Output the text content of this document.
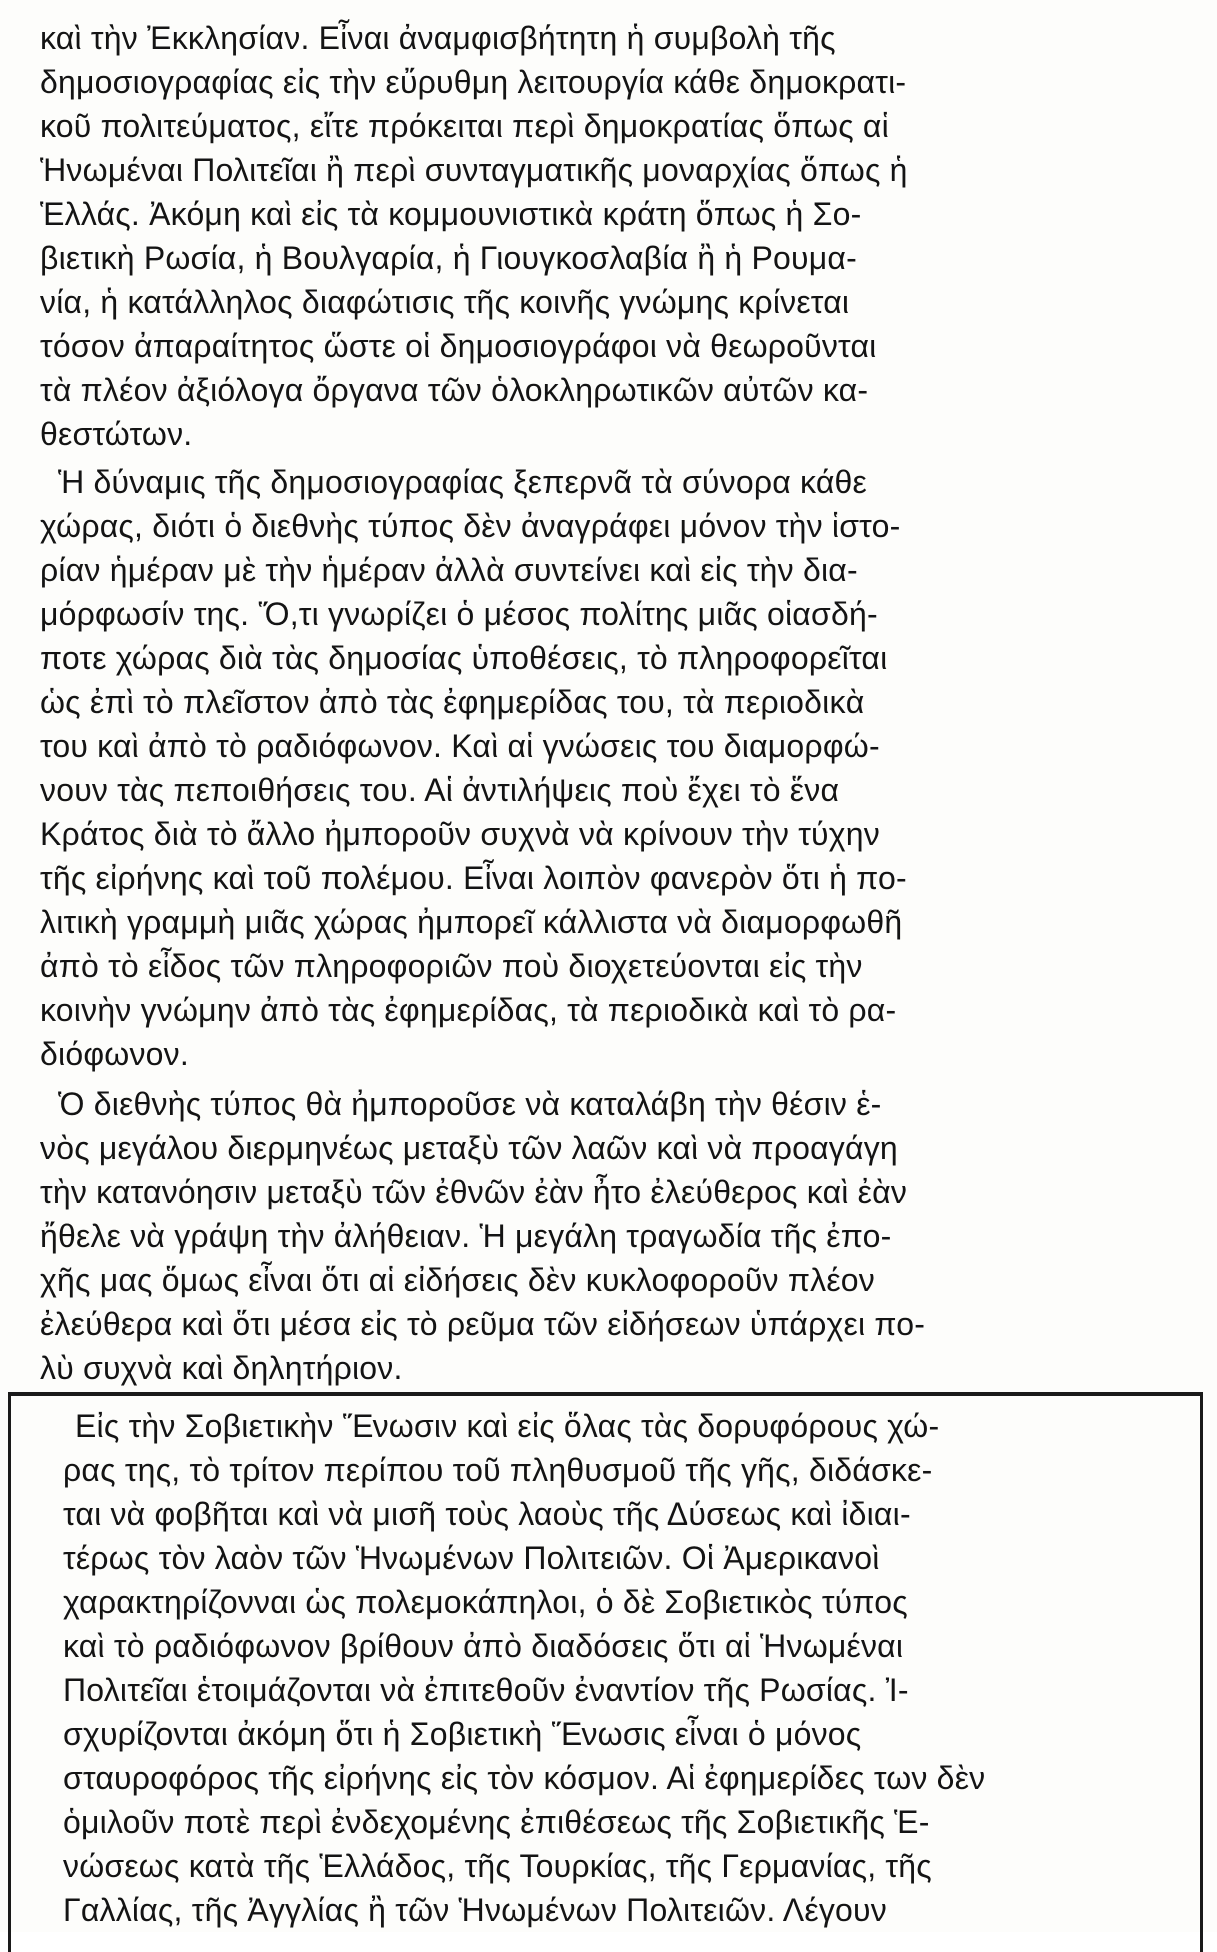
καὶ τὴν Ἐκκλησίαν. Εἶναι ἀναμφισβήτητη ἡ συμβολὴ τῆς
δημοσιογραφίας εἰς τὴν εὔρυθμη λειτουργία κάθε δημοκρατι-
κοῦ πολιτεύματος, εἴτε πρόκειται περὶ δημοκρατίας ὅπως αἱ
Ἡνωμέναι Πολιτεῖαι ἢ περὶ συνταγματικῆς μοναρχίας ὅπως ἡ
Ἑλλάς. Ἀκόμη καὶ εἰς τὰ κομμουνιστικὰ κράτη ὅπως ἡ Σο-
βιετικὴ Ρωσία, ἡ Βουλγαρία, ἡ Γιουγκοσλαβία ἢ ἡ Ρουμα-
νία, ἡ κατάλληλος διαφώτισις τῆς κοινῆς γνώμης κρίνεται
τόσον ἀπαραίτητος ὥστε οἱ δημοσιογράφοι νὰ θεωροῦνται
τὰ πλέον ἀξιόλογα ὄργανα τῶν ὁλοκληρωτικῶν αὐτῶν κα-
θεστώτων.
Ἡ δύναμις τῆς δημοσιογραφίας ξεπερνᾶ τὰ σύνορα κάθε
χώρας, διότι ὁ διεθνὴς τύπος δὲν ἀναγράφει μόνον τὴν ἱστο-
ρίαν ἡμέραν μὲ τὴν ἡμέραν ἀλλὰ συντείνει καὶ εἰς τὴν δια-
μόρφωσίν της. Ὅ,τι γνωρίζει ὁ μέσος πολίτης μιᾶς οἱασδή-
ποτε χώρας διὰ τὰς δημοσίας ὑποθέσεις, τὸ πληροφορεῖται
ὡς ἐπὶ τὸ πλεῖστον ἀπὸ τὰς ἐφημερίδας του, τὰ περιοδικὰ
του καὶ ἀπὸ τὸ ραδιόφωνον. Καὶ αἱ γνώσεις του διαμορφώ-
νουν τὰς πεποιθήσεις του. Αἱ ἀντιλήψεις ποὺ ἔχει τὸ ἕνα
Κράτος διὰ τὸ ἄλλο ἠμποροῦν συχνὰ νὰ κρίνουν τὴν τύχην
τῆς εἰρήνης καὶ τοῦ πολέμου. Εἶναι λοιπὸν φανερὸν ὅτι ἡ πο-
λιτικὴ γραμμὴ μιᾶς χώρας ἠμπορεῖ κάλλιστα νὰ διαμορφωθῆ
ἀπὸ τὸ εἶδος τῶν πληροφοριῶν ποὺ διοχετεύονται εἰς τὴν
κοινὴν γνώμην ἀπὸ τὰς ἐφημερίδας, τὰ περιοδικὰ καὶ τὸ ρα-
διόφωνον.
Ὁ διεθνὴς τύπος θὰ ἠμποροῦσε νὰ καταλάβη τὴν θέσιν ἑ-
νὸς μεγάλου διερμηνέως μεταξὺ τῶν λαῶν καὶ νὰ προαγάγη
τὴν κατανόησιν μεταξὺ τῶν ἐθνῶν ἐὰν ἦτο ἐλεύθερος καὶ ἐὰν
ἤθελε νὰ γράψη τὴν ἀλήθειαν. Ἡ μεγάλη τραγωδία τῆς ἐπο-
χῆς μας ὅμως εἶναι ὅτι αἱ εἰδήσεις δὲν κυκλοφοροῦν πλέον
ἐλεύθερα καὶ ὅτι μέσα εἰς τὸ ρεῦμα τῶν εἰδήσεων ὑπάρχει πο-
λὺ συχνὰ καὶ δηλητήριον.
Εἰς τὴν Σοβιετικὴν Ἕνωσιν καὶ εἰς ὅλας τὰς δορυφόρους χώ-
ρας της, τὸ τρίτον περίπου τοῦ πληθυσμοῦ τῆς γῆς, διδάσκε-
ται νὰ φοβῆται καὶ νὰ μισῆ τοὺς λαοὺς τῆς Δύσεως καὶ ἰδιαι-
τέρως τὸν λαὸν τῶν Ἡνωμένων Πολιτειῶν. Οἱ Ἀμερικανοὶ
χαρακτηρίζονναι ὡς πολεμοκάπηλοι, ὁ δὲ Σοβιετικὸς τύπος
καὶ τὸ ραδιόφωνον βρίθουν ἀπὸ διαδόσεις ὅτι αἱ Ἡνωμέναι
Πολιτεῖαι ἑτοιμάζονται νὰ ἐπιτεθοῦν ἐναντίον τῆς Ρωσίας. Ἰ-
σχυρίζονται ἀκόμη ὅτι ἡ Σοβιετικὴ Ἕνωσις εἶναι ὁ μόνος
σταυροφόρος τῆς εἰρήνης εἰς τὸν κόσμον. Αἱ ἐφημερίδες των δὲν
ὁμιλοῦν ποτὲ περὶ ἐνδεχομένης ἐπιθέσεως τῆς Σοβιετικῆς Ἑ-
νώσεως κατὰ τῆς Ἑλλάδος, τῆς Τουρκίας, τῆς Γερμανίας, τῆς
Γαλλίας, τῆς Ἀγγλίας ἢ τῶν Ἡνωμένων Πολιτειῶν. Λέγουν
